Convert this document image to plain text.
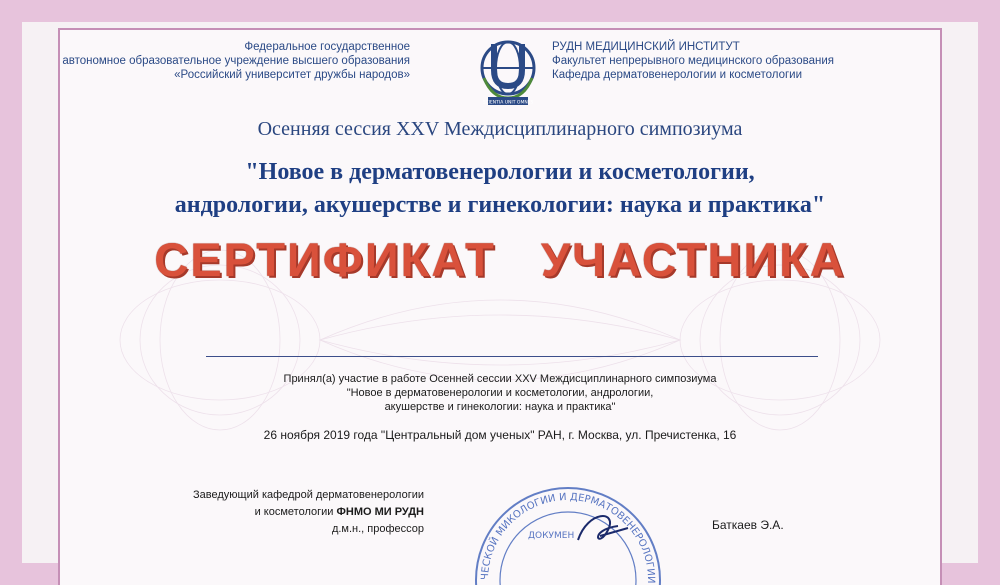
Федеральное государственное
автономное образовательное учреждение высшего образования
«Российский университет дружбы народов»
SCIENTIA UNIT OMNES
РУДН МЕДИЦИНСКИЙ ИНСТИТУТ
Факультет непрерывного медицинского образования
Кафедра дерматовенерологии и косметологии
Осенняя сессия XXV Междисциплинарного симпозиума
"Новое в дерматовенерологии и косметологии,
андрологии, акушерстве и гинекологии: наука и практика"
СЕРТИФИКАТ УЧАСТНИКА
Принял(а) участие в работе Осенней сессии XXV Междисциплинарного симпозиума
"Новое в дерматовенерологии и косметологии, андрологии,
акушерстве и гинекологии: наука и практика"
26 ноября 2019 года "Центральный дом ученых" РАН, г. Москва, ул. Пречистенка, 16
Заведующий кафедрой дерматовенерологии
и косметологии ФНМО МИ РУДН
д.м.н., профессор
ЧЕСКОЙ МИКОЛОГИИ И ДЕРМАТОВЕНЕРОЛОГИИ
ДОКУМЕН
Баткаев Э.А.
